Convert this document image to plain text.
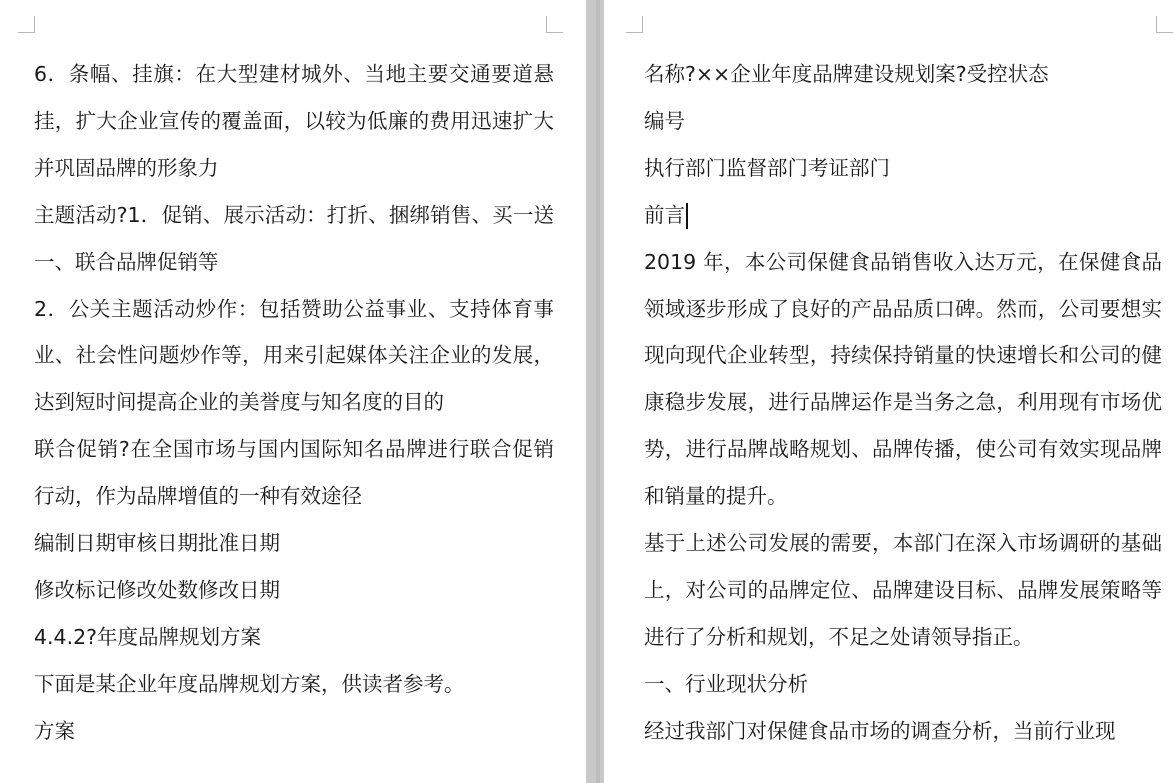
6．条幅、挂旗：在大型建材城外、当地主要交通要道悬挂，扩大企业宣传的覆盖面，以较为低廉的费用迅速扩大并巩固品牌的形象力

主题活动?1．促销、展示活动：打折、捆绑销售、买一送一、联合品牌促销等

2．公关主题活动炒作：包括赞助公益事业、支持体育事业、社会性问题炒作等，用来引起媒体关注企业的发展，达到短时间提高企业的美誉度与知名度的目的

联合促销?在全国市场与国内国际知名品牌进行联合促销行动，作为品牌增值的一种有效途径

编制日期审核日期批准日期

修改标记修改处数修改日期

4.4.2?年度品牌规划方案

下面是某企业年度品牌规划方案，供读者参考。

方案

名称?××企业年度品牌建设规划案?受控状态

编号

执行部门监督部门考证部门

前言

2019 年，本公司保健食品销售收入达万元，在保健食品领域逐步形成了良好的产品品质口碑。然而，公司要想实现向现代企业转型，持续保持销量的快速增长和公司的健康稳步发展，进行品牌运作是当务之急，利用现有市场优势，进行品牌战略规划、品牌传播，使公司有效实现品牌和销量的提升。

基于上述公司发展的需要，本部门在深入市场调研的基础上，对公司的品牌定位、品牌建设目标、品牌发展策略等进行了分析和规划，不足之处请领导指正。

一、行业现状分析

经过我部门对保健食品市场的调查分析，当前行业现
